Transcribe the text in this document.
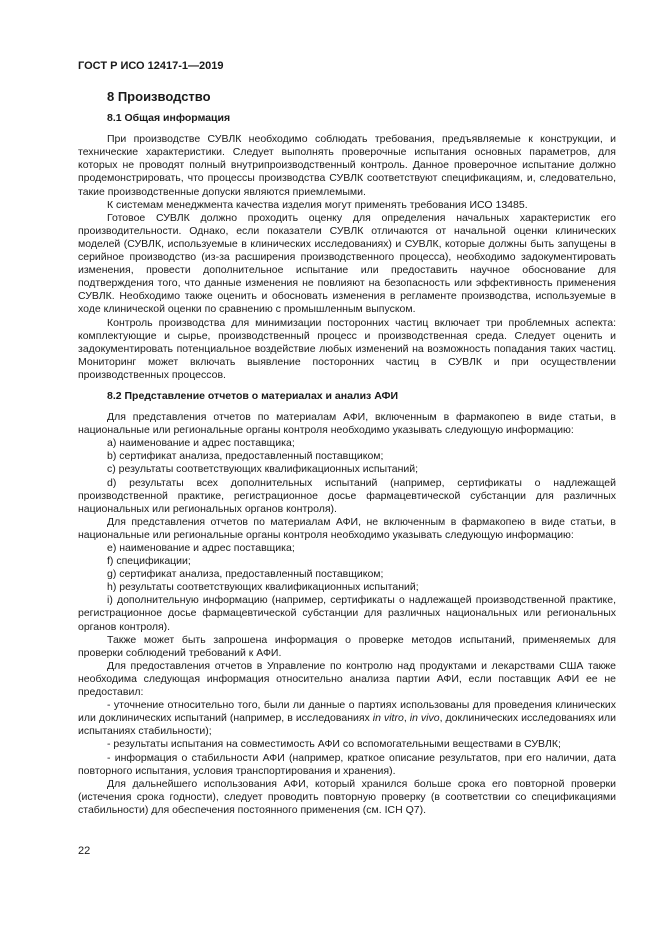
ГОСТ Р ИСО 12417-1—2019
8 Производство
8.1 Общая информация

При производстве СУВЛК необходимо соблюдать требования, предъявляемые к конструкции, и технические характеристики. Следует выполнять проверочные испытания основных параметров, для которых не проводят полный внутрипроизводственный контроль. Данное проверочное испытание должно продемонстрировать, что процессы производства СУВЛК соответствуют спецификациям, и, следовательно, такие производственные допуски являются приемлемыми.

К системам менеджмента качества изделия могут применять требования ИСО 13485.

Готовое СУВЛК должно проходить оценку для определения начальных характеристик его производительности. Однако, если показатели СУВЛК отличаются от начальной оценки клинических моделей (СУВЛК, используемые в клинических исследованиях) и СУВЛК, которые должны быть запущены в серийное производство (из-за расширения производственного процесса), необходимо задокументировать изменения, провести дополнительное испытание или предоставить научное обоснование для подтверждения того, что данные изменения не повлияют на безопасность или эффективность применения СУВЛК. Необходимо также оценить и обосновать изменения в регламенте производства, используемые в ходе клинической оценки по сравнению с промышленным выпуском.

Контроль производства для минимизации посторонних частиц включает три проблемных аспекта: комплектующие и сырье, производственный процесс и производственная среда. Следует оценить и задокументировать потенциальное воздействие любых изменений на возможность попадания таких частиц. Мониторинг может включать выявление посторонних частиц в СУВЛК и при осуществлении производственных процессов.

8.2 Представление отчетов о материалах и анализ АФИ

Для представления отчетов по материалам АФИ, включенным в фармакопею в виде статьи, в национальные или региональные органы контроля необходимо указывать следующую информацию:

a) наименование и адрес поставщика;

b) сертификат анализа, предоставленный поставщиком;

c) результаты соответствующих квалификационных испытаний;

d) результаты всех дополнительных испытаний (например, сертификаты о надлежащей производственной практике, регистрационное досье фармацевтической субстанции для различных национальных или региональных органов контроля).

Для представления отчетов по материалам АФИ, не включенным в фармакопею в виде статьи, в национальные или региональные органы контроля необходимо указывать следующую информацию:

e) наименование и адрес поставщика;

f) спецификации;

g) сертификат анализа, предоставленный поставщиком;

h) результаты соответствующих квалификационных испытаний;

i) дополнительную информацию (например, сертификаты о надлежащей производственной практике, регистрационное досье фармацевтической субстанции для различных национальных или региональных органов контроля).

Также может быть запрошена информация о проверке методов испытаний, применяемых для проверки соблюдений требований к АФИ.

Для предоставления отчетов в Управление по контролю над продуктами и лекарствами США также необходима следующая информация относительно анализа партии АФИ, если поставщик АФИ ее не предоставил:

- уточнение относительно того, были ли данные о партиях использованы для проведения клинических или доклинических испытаний (например, в исследованиях in vitro, in vivo, доклинических исследованиях или испытаниях стабильности);

- результаты испытания на совместимость АФИ со вспомогательными веществами в СУВЛК;

- информация о стабильности АФИ (например, краткое описание результатов, при его наличии, дата повторного испытания, условия транспортирования и хранения).

Для дальнейшего использования АФИ, который хранился больше срока его повторной проверки (истечения срока годности), следует проводить повторную проверку (в соответствии со спецификациями стабильности) для обеспечения постоянного применения (см. ICH Q7).

22
